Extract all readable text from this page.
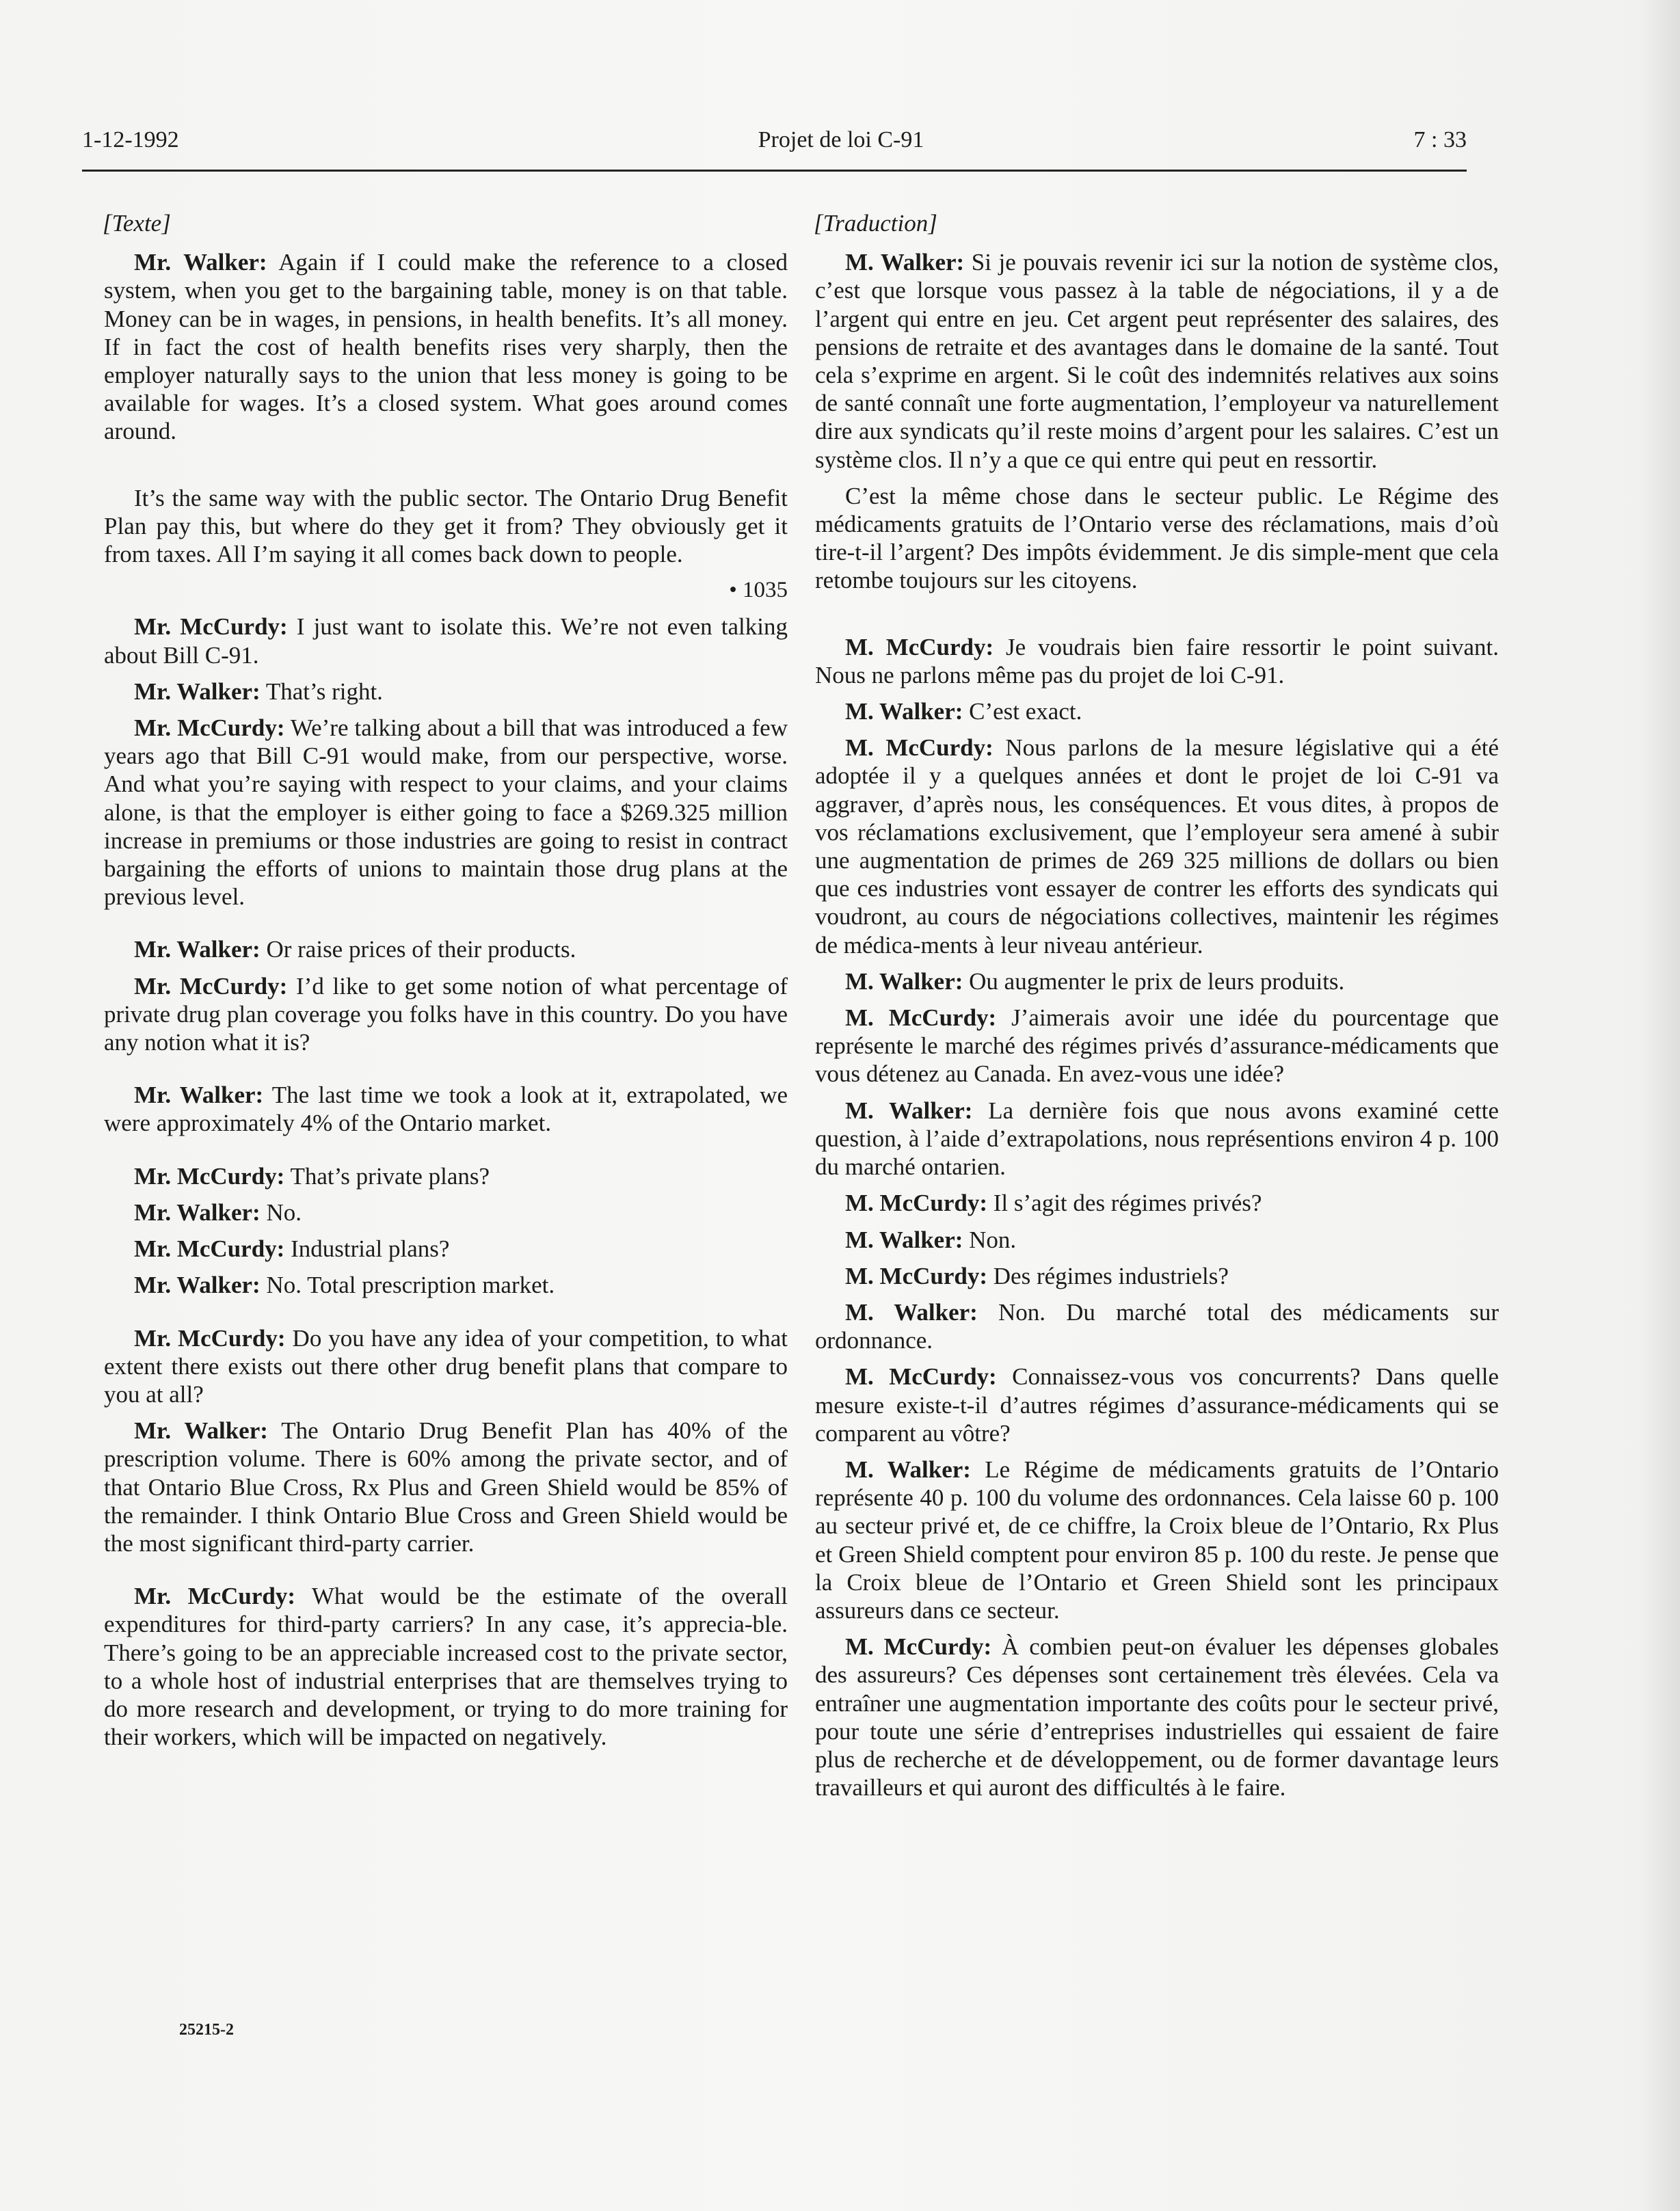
1-12-1992	Projet de loi C-91	7 : 33
[Texte]

Mr. Walker: Again if I could make the reference to a closed system, when you get to the bargaining table, money is on that table. Money can be in wages, in pensions, in health benefits. It’s all money. If in fact the cost of health benefits rises very sharply, then the employer naturally says to the union that less money is going to be available for wages. It’s a closed system. What goes around comes around.

It’s the same way with the public sector. The Ontario Drug Benefit Plan pay this, but where do they get it from? They obviously get it from taxes. All I’m saying it all comes back down to people.

• 1035

Mr. McCurdy: I just want to isolate this. We’re not even talking about Bill C-91.

Mr. Walker: That’s right.

Mr. McCurdy: We’re talking about a bill that was introduced a few years ago that Bill C-91 would make, from our perspective, worse. And what you’re saying with respect to your claims, and your claims alone, is that the employer is either going to face a $269.325 million increase in premiums or those industries are going to resist in contract bargaining the efforts of unions to maintain those drug plans at the previous level.

Mr. Walker: Or raise prices of their products.

Mr. McCurdy: I’d like to get some notion of what percentage of private drug plan coverage you folks have in this country. Do you have any notion what it is?

Mr. Walker: The last time we took a look at it, extrapolated, we were approximately 4% of the Ontario market.

Mr. McCurdy: That’s private plans?

Mr. Walker: No.

Mr. McCurdy: Industrial plans?

Mr. Walker: No. Total prescription market.

Mr. McCurdy: Do you have any idea of your competition, to what extent there exists out there other drug benefit plans that compare to you at all?

Mr. Walker: The Ontario Drug Benefit Plan has 40% of the prescription volume. There is 60% among the private sector, and of that Ontario Blue Cross, Rx Plus and Green Shield would be 85% of the remainder. I think Ontario Blue Cross and Green Shield would be the most significant third-party carrier.

Mr. McCurdy: What would be the estimate of the overall expenditures for third-party carriers? In any case, it’s apprecia-ble. There’s going to be an appreciable increased cost to the private sector, to a whole host of industrial enterprises that are themselves trying to do more research and development, or trying to do more training for their workers, which will be impacted on negatively.

[Traduction]

M. Walker: Si je pouvais revenir ici sur la notion de système clos, c’est que lorsque vous passez à la table de négociations, il y a de l’argent qui entre en jeu. Cet argent peut représenter des salaires, des pensions de retraite et des avantages dans le domaine de la santé. Tout cela s’exprime en argent. Si le coût des indemnités relatives aux soins de santé connaît une forte augmentation, l’employeur va naturellement dire aux syndicats qu’il reste moins d’argent pour les salaires. C’est un système clos. Il n’y a que ce qui entre qui peut en ressortir.

C’est la même chose dans le secteur public. Le Régime des médicaments gratuits de l’Ontario verse des réclamations, mais d’où tire-t-il l’argent? Des impôts évidemment. Je dis simple-ment que cela retombe toujours sur les citoyens.

M. McCurdy: Je voudrais bien faire ressortir le point suivant. Nous ne parlons même pas du projet de loi C-91.

M. Walker: C’est exact.

M. McCurdy: Nous parlons de la mesure législative qui a été adoptée il y a quelques années et dont le projet de loi C-91 va aggraver, d’après nous, les conséquences. Et vous dites, à propos de vos réclamations exclusivement, que l’employeur sera amené à subir une augmentation de primes de 269 325 millions de dollars ou bien que ces industries vont essayer de contrer les efforts des syndicats qui voudront, au cours de négociations collectives, maintenir les régimes de médica-ments à leur niveau antérieur.

M. Walker: Ou augmenter le prix de leurs produits.

M. McCurdy: J’aimerais avoir une idée du pourcentage que représente le marché des régimes privés d’assurance-médicaments que vous détenez au Canada. En avez-vous une idée?

M. Walker: La dernière fois que nous avons examiné cette question, à l’aide d’extrapolations, nous représentions environ 4 p. 100 du marché ontarien.

M. McCurdy: Il s’agit des régimes privés?

M. Walker: Non.

M. McCurdy: Des régimes industriels?

M. Walker: Non. Du marché total des médicaments sur ordonnance.

M. McCurdy: Connaissez-vous vos concurrents? Dans quelle mesure existe-t-il d’autres régimes d’assurance-médicaments qui se comparent au vôtre?

M. Walker: Le Régime de médicaments gratuits de l’Ontario représente 40 p. 100 du volume des ordonnances. Cela laisse 60 p. 100 au secteur privé et, de ce chiffre, la Croix bleue de l’Ontario, Rx Plus et Green Shield comptent pour environ 85 p. 100 du reste. Je pense que la Croix bleue de l’Ontario et Green Shield sont les principaux assureurs dans ce secteur.

M. McCurdy: À combien peut-on évaluer les dépenses globales des assureurs? Ces dépenses sont certainement très élevées. Cela va entraîner une augmentation importante des coûts pour le secteur privé, pour toute une série d’entreprises industrielles qui essaient de faire plus de recherche et de développement, ou de former davantage leurs travailleurs et qui auront des difficultés à le faire.

25215-2
